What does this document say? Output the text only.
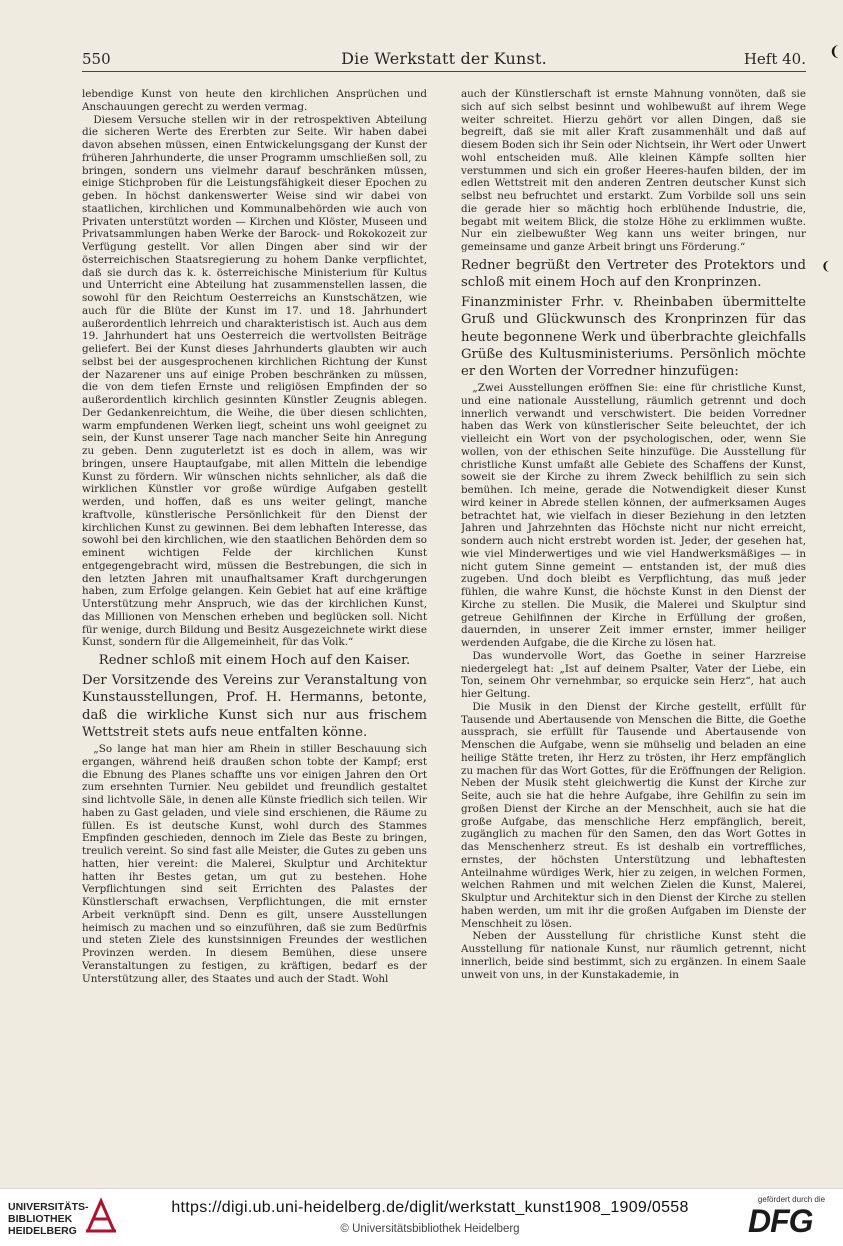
550	Die Werkstatt der Kunst.	Heft 40. ❨
❨

lebendige Kunst von heute den kirchlichen Ansprüchen und Anschauungen gerecht zu werden vermag.

Diesem Versuche stellen wir in der retrospektiven Abteilung die sicheren Werte des Ererbten zur Seite. Wir haben dabei davon absehen müssen, einen Entwickelungsgang der Kunst der früheren Jahrhunderte, die unser Programm umschließen soll, zu bringen, sondern uns vielmehr darauf beschränken müssen, einige Stichproben für die Leistungsfähigkeit dieser Epochen zu geben. In höchst dankenswerter Weise sind wir dabei von staatlichen, kirchlichen und Kommunalbehörden wie auch von Privaten unterstützt worden — Kirchen und Klöster, Museen und Privatsammlungen haben Werke der Barock- und Rokokozeit zur Verfügung gestellt. Vor allen Dingen aber sind wir der österreichischen Staatsregierung zu hohem Danke verpflichtet, daß sie durch das k. k. österreichische Ministerium für Kultus und Unterricht eine Abteilung hat zusammenstellen lassen, die sowohl für den Reichtum Oesterreichs an Kunstschätzen, wie auch für die Blüte der Kunst im 17. und 18. Jahrhundert außerordentlich lehrreich und charakteristisch ist. Auch aus dem 19. Jahrhundert hat uns Oesterreich die wertvollsten Beiträge geliefert. Bei der Kunst dieses Jahrhunderts glaubten wir auch selbst bei der ausgesprochenen kirchlichen Richtung der Kunst der Nazarener uns auf einige Proben beschränken zu müssen, die von dem tiefen Ernste und religiösen Empfinden der so außerordentlich kirchlich gesinnten Künstler Zeugnis ablegen. Der Gedankenreichtum, die Weihe, die über diesen schlichten, warm empfundenen Werken liegt, scheint uns wohl geeignet zu sein, der Kunst unserer Tage nach mancher Seite hin Anregung zu geben. Denn zuguterletzt ist es doch in allem, was wir bringen, unsere Hauptaufgabe, mit allen Mitteln die lebendige Kunst zu fördern. Wir wünschen nichts sehnlicher, als daß die wirklichen Künstler vor große würdige Aufgaben gestellt werden, und hoffen, daß es uns weiter gelingt, manche kraftvolle, künstlerische Persönlichkeit für den Dienst der kirchlichen Kunst zu gewinnen. Bei dem lebhaften Interesse, das sowohl bei den kirchlichen, wie den staatlichen Behörden dem so eminent wichtigen Felde der kirchlichen Kunst entgegengebracht wird, müssen die Bestrebungen, die sich in den letzten Jahren mit unaufhaltsamer Kraft durchgerungen haben, zum Erfolge gelangen. Kein Gebiet hat auf eine kräftige Unterstützung mehr Anspruch, wie das der kirchlichen Kunst, das Millionen von Menschen erheben und beglücken soll. Nicht für wenige, durch Bildung und Besitz Ausgezeichnete wirkt diese Kunst, sondern für die Allgemeinheit, für das Volk.“

Redner schloß mit einem Hoch auf den Kaiser.

Der Vorsitzende des Vereins zur Veranstaltung von Kunstausstellungen, Prof. H. Hermanns, betonte, daß die wirkliche Kunst sich nur aus frischem Wettstreit stets aufs neue entfalten könne.

„So lange hat man hier am Rhein in stiller Beschauung sich ergangen, während heiß draußen schon tobte der Kampf; erst die Ebnung des Planes schaffte uns vor einigen Jahren den Ort zum ersehnten Turnier. Neu gebildet und freundlich gestaltet sind lichtvolle Säle, in denen alle Künste friedlich sich teilen. Wir haben zu Gast geladen, und viele sind erschienen, die Räume zu füllen. Es ist deutsche Kunst, wohl durch des Stammes Empfinden geschieden, dennoch im Ziele das Beste zu bringen, treulich vereint. So sind fast alle Meister, die Gutes zu geben uns hatten, hier vereint: die Malerei, Skulptur und Architektur hatten ihr Bestes getan, um gut zu bestehen. Hohe Verpflichtungen sind seit Errichten des Palastes der Künstlerschaft erwachsen, Verpflichtungen, die mit ernster Arbeit verknüpft sind. Denn es gilt, unsere Ausstellungen heimisch zu machen und so einzuführen, daß sie zum Bedürfnis und steten Ziele des kunstsinnigen Freundes der westlichen Provinzen werden. In diesem Bemühen, diese unsere Veranstaltungen zu festigen, zu kräftigen, bedarf es der Unterstützung aller, des Staates und auch der Stadt. Wohl

auch der Künstlerschaft ist ernste Mahnung vonnöten, daß sie sich auf sich selbst besinnt und wohlbewußt auf ihrem Wege weiter schreitet. Hierzu gehört vor allen Dingen, daß sie begreift, daß sie mit aller Kraft zusammenhält und daß auf diesem Boden sich ihr Sein oder Nichtsein, ihr Wert oder Unwert wohl entscheiden muß. Alle kleinen Kämpfe sollten hier verstummen und sich ein großer Heeres-haufen bilden, der im edlen Wettstreit mit den anderen Zentren deutscher Kunst sich selbst neu befruchtet und erstarkt. Zum Vorbilde soll uns sein die gerade hier so mächtig hoch erblühende Industrie, die, begabt mit weitem Blick, die stolze Höhe zu erklimmen wußte. Nur ein zielbewußter Weg kann uns weiter bringen, nur gemeinsame und ganze Arbeit bringt uns Förderung.“

Redner begrüßt den Vertreter des Protektors und schloß mit einem Hoch auf den Kronprinzen.

Finanzminister Frhr. v. Rheinbaben übermittelte Gruß und Glückwunsch des Kronprinzen für das heute begonnene Werk und überbrachte gleichfalls Grüße des Kultusministeriums. Persönlich möchte er den Worten der Vorredner hinzufügen:

„Zwei Ausstellungen eröffnen Sie: eine für christliche Kunst, und eine nationale Ausstellung, räumlich getrennt und doch innerlich verwandt und verschwistert. Die beiden Vorredner haben das Werk von künstlerischer Seite beleuchtet, der ich vielleicht ein Wort von der psychologischen, oder, wenn Sie wollen, von der ethischen Seite hinzufüge. Die Ausstellung für christliche Kunst umfaßt alle Gebiete des Schaffens der Kunst, soweit sie der Kirche zu ihrem Zweck behilflich zu sein sich bemühen. Ich meine, gerade die Notwendigkeit dieser Kunst wird keiner in Abrede stellen können, der aufmerksamen Auges betrachtet hat, wie vielfach in dieser Beziehung in den letzten Jahren und Jahrzehnten das Höchste nicht nur nicht erreicht, sondern auch nicht erstrebt worden ist. Jeder, der gesehen hat, wie viel Minderwertiges und wie viel Handwerksmäßiges — in nicht gutem Sinne gemeint — entstanden ist, der muß dies zugeben. Und doch bleibt es Verpflichtung, das muß jeder fühlen, die wahre Kunst, die höchste Kunst in den Dienst der Kirche zu stellen. Die Musik, die Malerei und Skulptur sind getreue Gehilfinnen der Kirche in Erfüllung der großen, dauernden, in unserer Zeit immer ernster, immer heiliger werdenden Aufgabe, die die Kirche zu lösen hat.

Das wundervolle Wort, das Goethe in seiner Harzreise niedergelegt hat: „Ist auf deinem Psalter, Vater der Liebe, ein Ton, seinem Ohr vernehmbar, so erquicke sein Herz“, hat auch hier Geltung.

Die Musik in den Dienst der Kirche gestellt, erfüllt für Tausende und Abertausende von Menschen die Bitte, die Goethe aussprach, sie erfüllt für Tausende und Abertausende von Menschen die Aufgabe, wenn sie mühselig und beladen an eine heilige Stätte treten, ihr Herz zu trösten, ihr Herz empfänglich zu machen für das Wort Gottes, für die Eröffnungen der Religion. Neben der Musik steht gleichwertig die Kunst der Kirche zur Seite, auch sie hat die hehre Aufgabe, ihre Gehilfin zu sein im großen Dienst der Kirche an der Menschheit, auch sie hat die große Aufgabe, das menschliche Herz empfänglich, bereit, zugänglich zu machen für den Samen, den das Wort Gottes in das Menschenherz streut. Es ist deshalb ein vortreffliches, ernstes, der höchsten Unterstützung und lebhaftesten Anteilnahme würdiges Werk, hier zu zeigen, in welchen Formen, welchen Rahmen und mit welchen Zielen die Kunst, Malerei, Skulptur und Architektur sich in den Dienst der Kirche zu stellen haben werden, um mit ihr die großen Aufgaben im Dienste der Menschheit zu lösen.

Neben der Ausstellung für christliche Kunst steht die Ausstellung für nationale Kunst, nur räumlich getrennt, nicht innerlich, beide sind bestimmt, sich zu ergänzen. In einem Saale unweit von uns, in der Kunstakademie, in

UNIVERSITÄTS-
BIBLIOTHEK
HEIDELBERG
https://digi.ub.uni-heidelberg.de/diglit/werkstatt_kunst1908_1909/0558
© Universitätsbibliothek Heidelberg
gefördert durch die
DFG
